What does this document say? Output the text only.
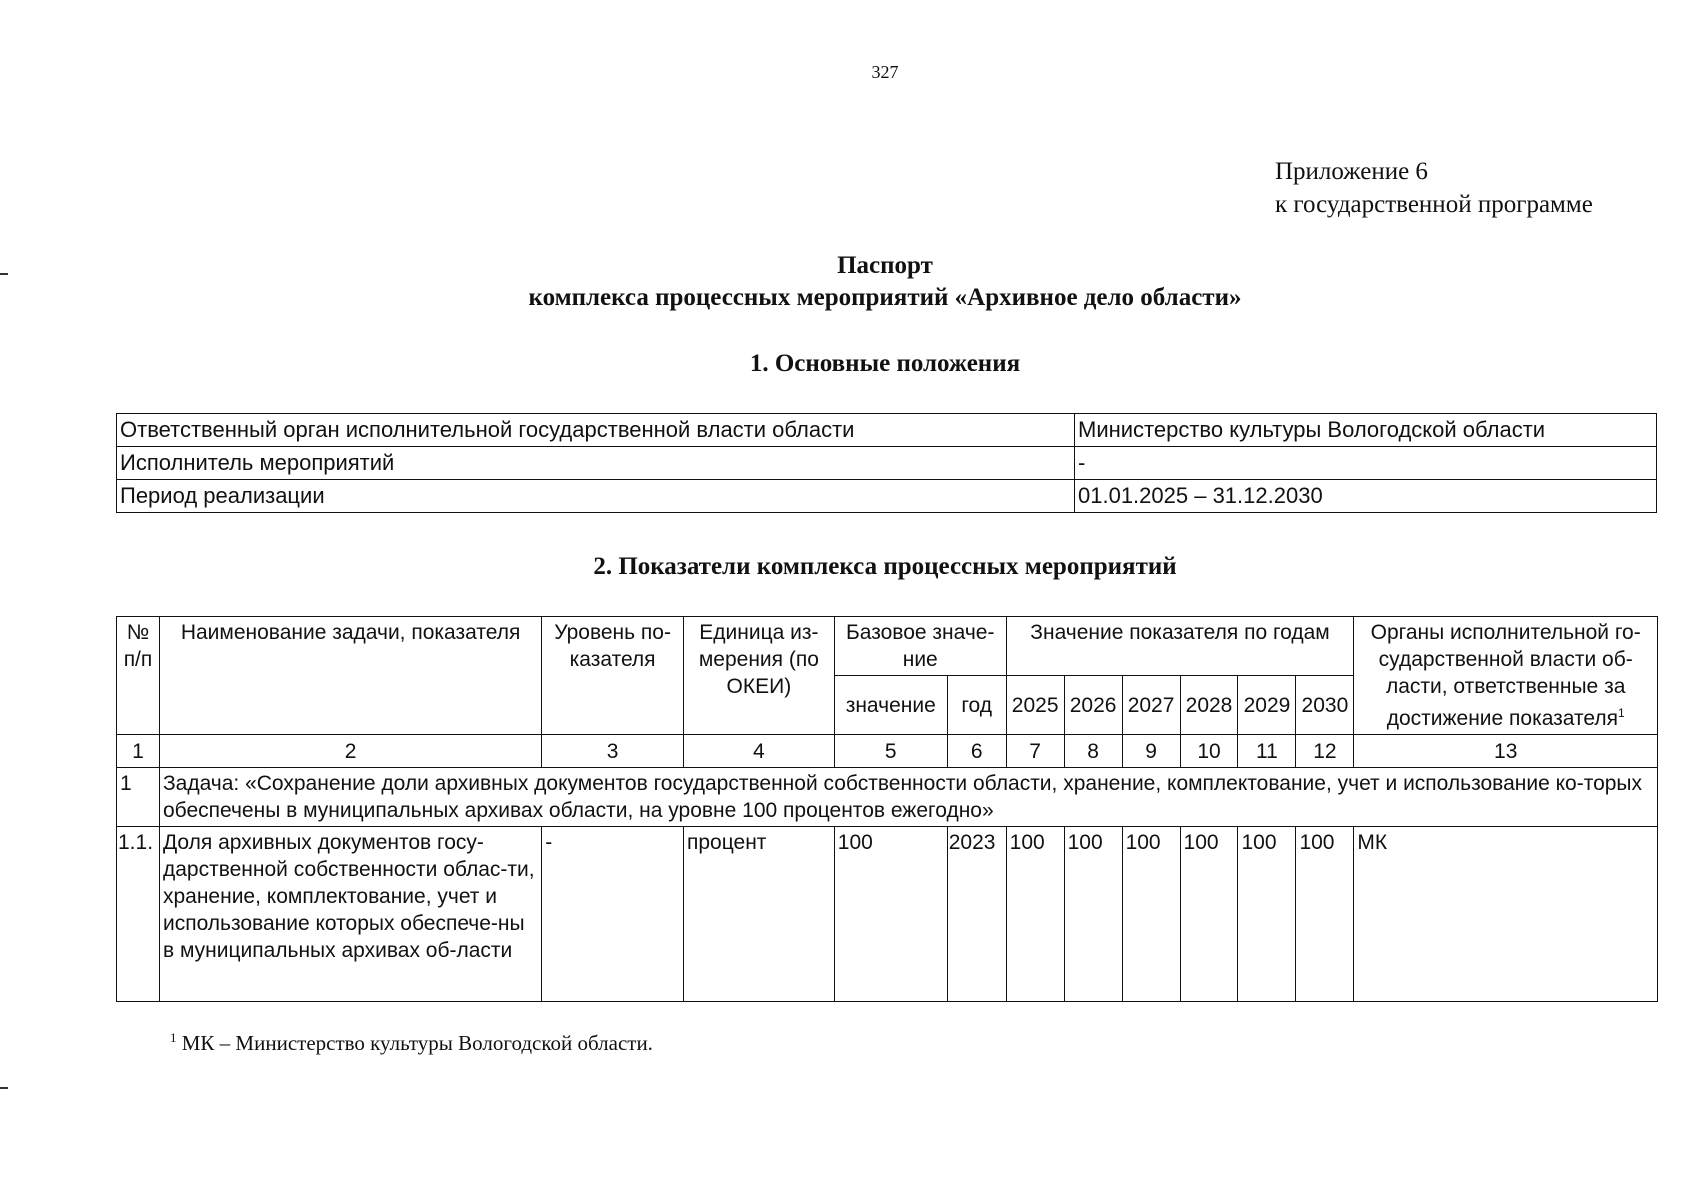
327
Приложение 6
к государственной программе
Паспорт
комплекса процессных мероприятий «Архивное дело области»
1. Основные положения
Ответственный орган исполнительной государственной власти области	Министерство культуры Вологодской области
Исполнитель мероприятий	-
Период реализации	01.01.2025 – 31.12.2030
2. Показатели комплекса процессных мероприятий
№ п/п	Наименование задачи, показателя	Уровень по-казателя	Единица из-мерения (по ОКЕИ)	Базовое значе-ние		Значение показателя по годам						Органы исполнительной го-сударственной власти об-ласти, ответственные за достижение показателя$^1$
				значение	год	2025	2026	2027	2028	2029	2030	
1	2	3	4	5	6	7	8	9	10	11	12	13
1	Задача: «Сохранение доли архивных документов государственной собственности области, хранение, комплектование, учет и использование ко-торых обеспечены в муниципальных архивах области, на уровне 100 процентов ежегодно»											
1.1.	Доля архивных документов госу-дарственной собственности облас-ти, хранение, комплектование, учет и использование которых обеспече-ны в муниципальных архивах об-ласти	-	процент	100	2023	100	100	100	100	100	100	МК
$^1$ МК – Министерство культуры Вологодской области.
